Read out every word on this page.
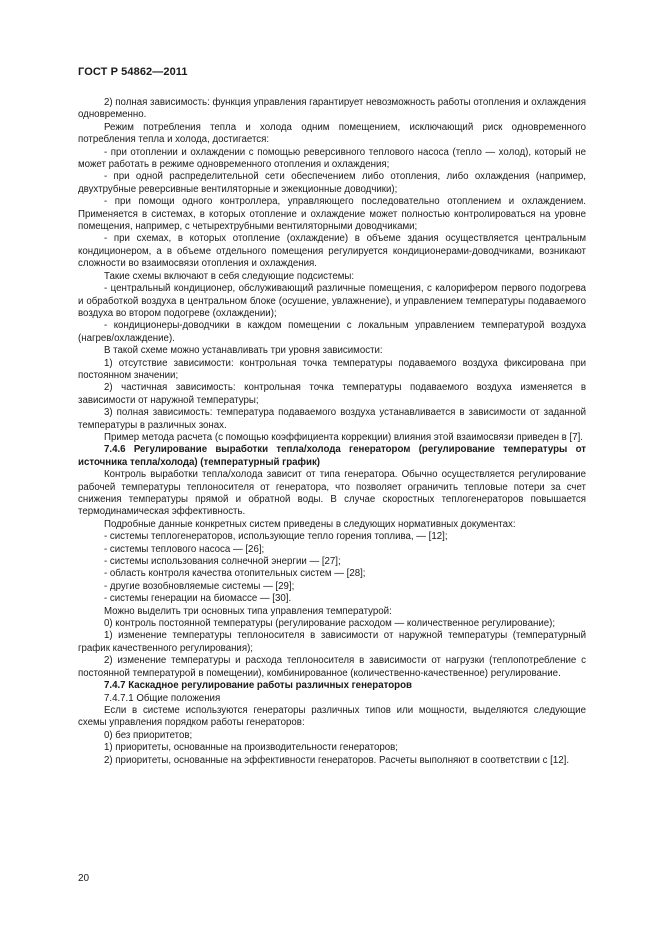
ГОСТ Р 54862—2011

2) полная зависимость: функция управления гарантирует невозможность работы отопления и охлаждения одновременно.

Режим потребления тепла и холода одним помещением, исключающий риск одновременного потребления тепла и холода, достигается:

- при отоплении и охлаждении с помощью реверсивного теплового насоса (тепло — холод), который не может работать в режиме одновременного отопления и охлаждения;

- при одной распределительной сети обеспечением либо отопления, либо охлаждения (например, двухтрубные реверсивные вентиляторные и эжекционные доводчики);

- при помощи одного контроллера, управляющего последовательно отоплением и охлаждением. Применяется в системах, в которых отопление и охлаждение может полностью контролироваться на уровне помещения, например, с четырехтрубными вентиляторными доводчиками;

- при схемах, в которых отопление (охлаждение) в объеме здания осуществляется центральным кондиционером, а в объеме отдельного помещения регулируется кондиционерами-доводчиками, возникают сложности во взаимосвязи отопления и охлаждения.

Такие схемы включают в себя следующие подсистемы:

- центральный кондиционер, обслуживающий различные помещения, с калорифером первого подогрева и обработкой воздуха в центральном блоке (осушение, увлажнение), и управлением температуры подаваемого воздуха во втором подогреве (охлаждении);

- кондиционеры-доводчики в каждом помещении с локальным управлением температурой воздуха (нагрев/охлаждение).

В такой схеме можно устанавливать три уровня зависимости:

1) отсутствие зависимости: контрольная точка температуры подаваемого воздуха фиксирована при постоянном значении;

2) частичная зависимость: контрольная точка температуры подаваемого воздуха изменяется в зависимости от наружной температуры;

3) полная зависимость: температура подаваемого воздуха устанавливается в зависимости от заданной температуры в различных зонах.

Пример метода расчета (с помощью коэффициента коррекции) влияния этой взаимосвязи приведен в [7].

7.4.6 Регулирование выработки тепла/холода генератором (регулирование температуры от источника тепла/холода) (температурный график)

Контроль выработки тепла/холода зависит от типа генератора. Обычно осуществляется регулирование рабочей температуры теплоносителя от генератора, что позволяет ограничить тепловые потери за счет снижения температуры прямой и обратной воды. В случае скоростных теплогенераторов повышается термодинамическая эффективность.

Подробные данные конкретных систем приведены в следующих нормативных документах:

- системы теплогенераторов, использующие тепло горения топлива, — [12];

- системы теплового насоса — [26];

- системы использования солнечной энергии — [27];

- область контроля качества отопительных систем — [28];

- другие возобновляемые системы — [29];

- системы генерации на биомассе — [30].

Можно выделить три основных типа управления температурой:

0) контроль постоянной температуры (регулирование расходом — количественное регулирование);

1) изменение температуры теплоносителя в зависимости от наружной температуры (температурный график качественного регулирования);

2) изменение температуры и расхода теплоносителя в зависимости от нагрузки (теплопотребление с постоянной температурой в помещении), комбинированное (количественно-качественное) регулирование.

7.4.7 Каскадное регулирование работы различных генераторов

7.4.7.1 Общие положения

Если в системе используются генераторы различных типов или мощности, выделяются следующие схемы управления порядком работы генераторов:

0) без приоритетов;

1) приоритеты, основанные на производительности генераторов;

2) приоритеты, основанные на эффективности генераторов. Расчеты выполняют в соответствии с [12].

20
